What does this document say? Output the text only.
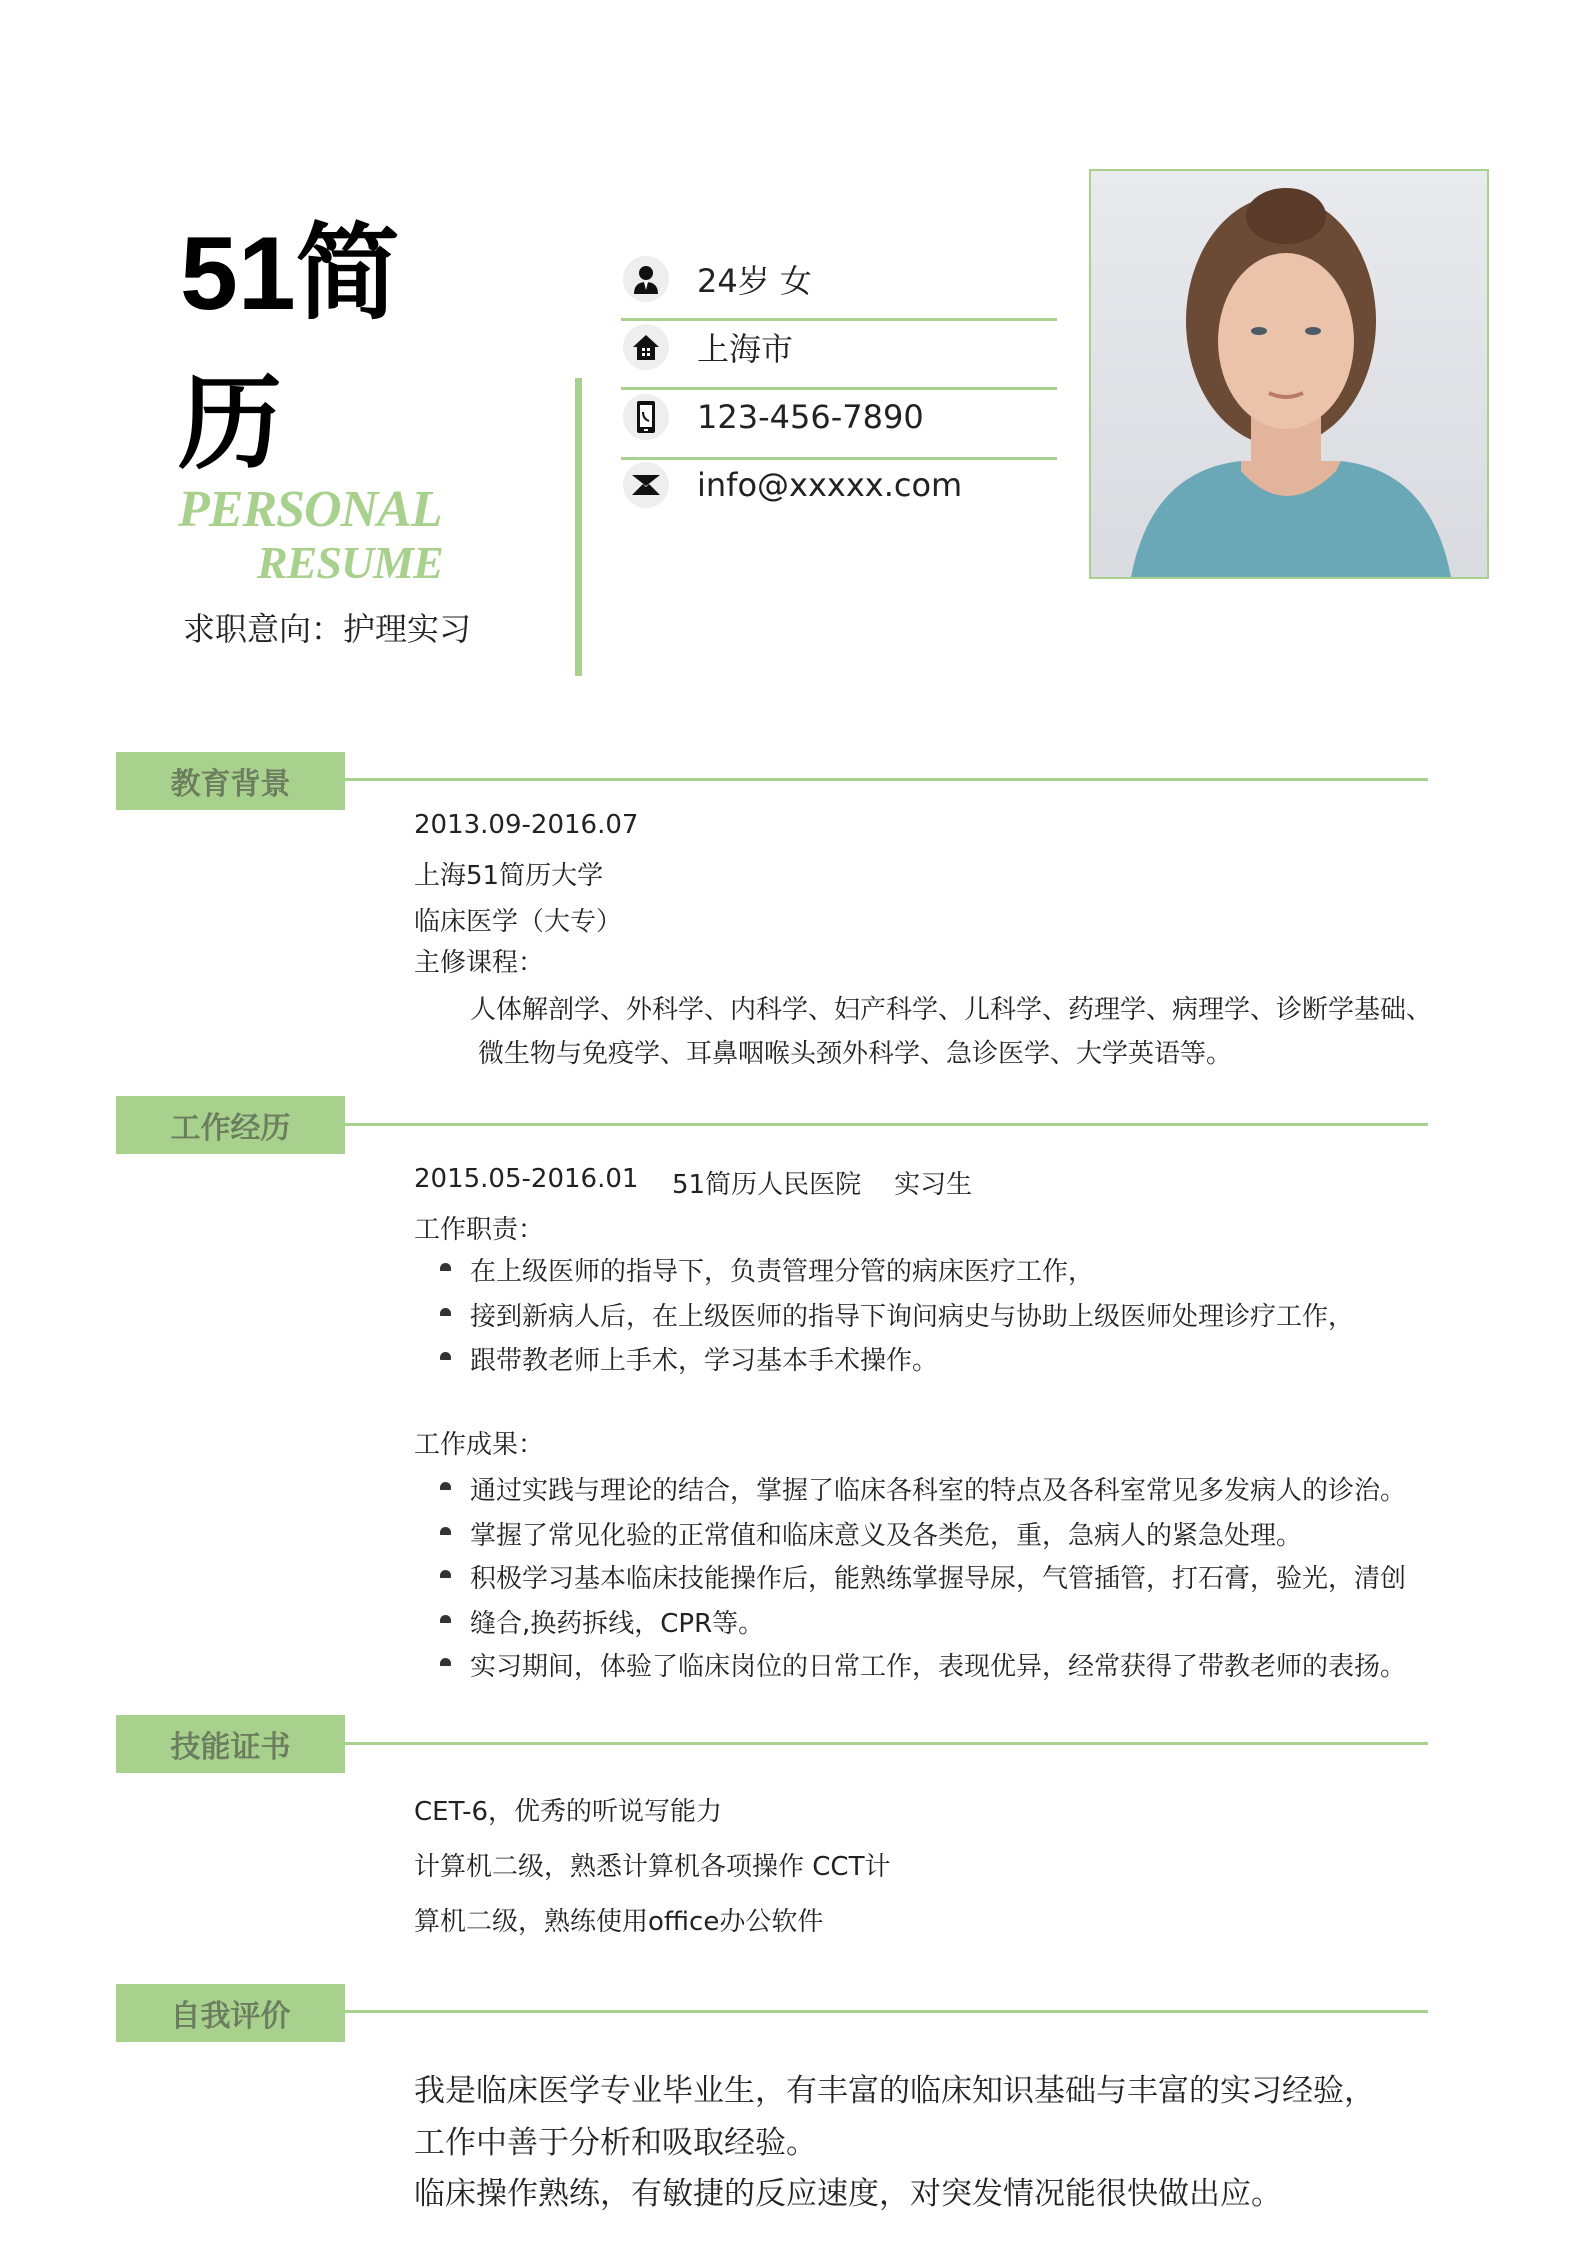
51简
历
PERSONAL
RESUME
求职意向：护理实习
24岁 女
上海市
123-456-7890
info@xxxxx.com
教育背景
2013.09-2016.07
上海51简历大学
临床医学（大专）
主修课程：
人体解剖学、外科学、内科学、妇产科学、儿科学、药理学、病理学、诊断学基础、
微生物与免疫学、耳鼻咽喉头颈外科学、急诊医学、大学英语等。
工作经历
2015.05-2016.01 51简历人民医院    实习生
工作职责：
在上级医师的指导下，负责管理分管的病床医疗工作，
接到新病人后，在上级医师的指导下询问病史与协助上级医师处理诊疗工作，
跟带教老师上手术，学习基本手术操作。
工作成果：
通过实践与理论的结合，掌握了临床各科室的特点及各科室常见多发病人的诊治。
掌握了常见化验的正常值和临床意义及各类危，重，急病人的紧急处理。
积极学习基本临床技能操作后，能熟练掌握导尿，气管插管，打石膏，验光，清创
缝合,换药拆线，CPR等。
实习期间，体验了临床岗位的日常工作，表现优异，经常获得了带教老师的表扬。
技能证书
CET-6，优秀的听说写能力
计算机二级，熟悉计算机各项操作 CCT计
算机二级，熟练使用office办公软件
自我评价
我是临床医学专业毕业生，有丰富的临床知识基础与丰富的实习经验，
工作中善于分析和吸取经验。
临床操作熟练，有敏捷的反应速度，对突发情况能很快做出应。
